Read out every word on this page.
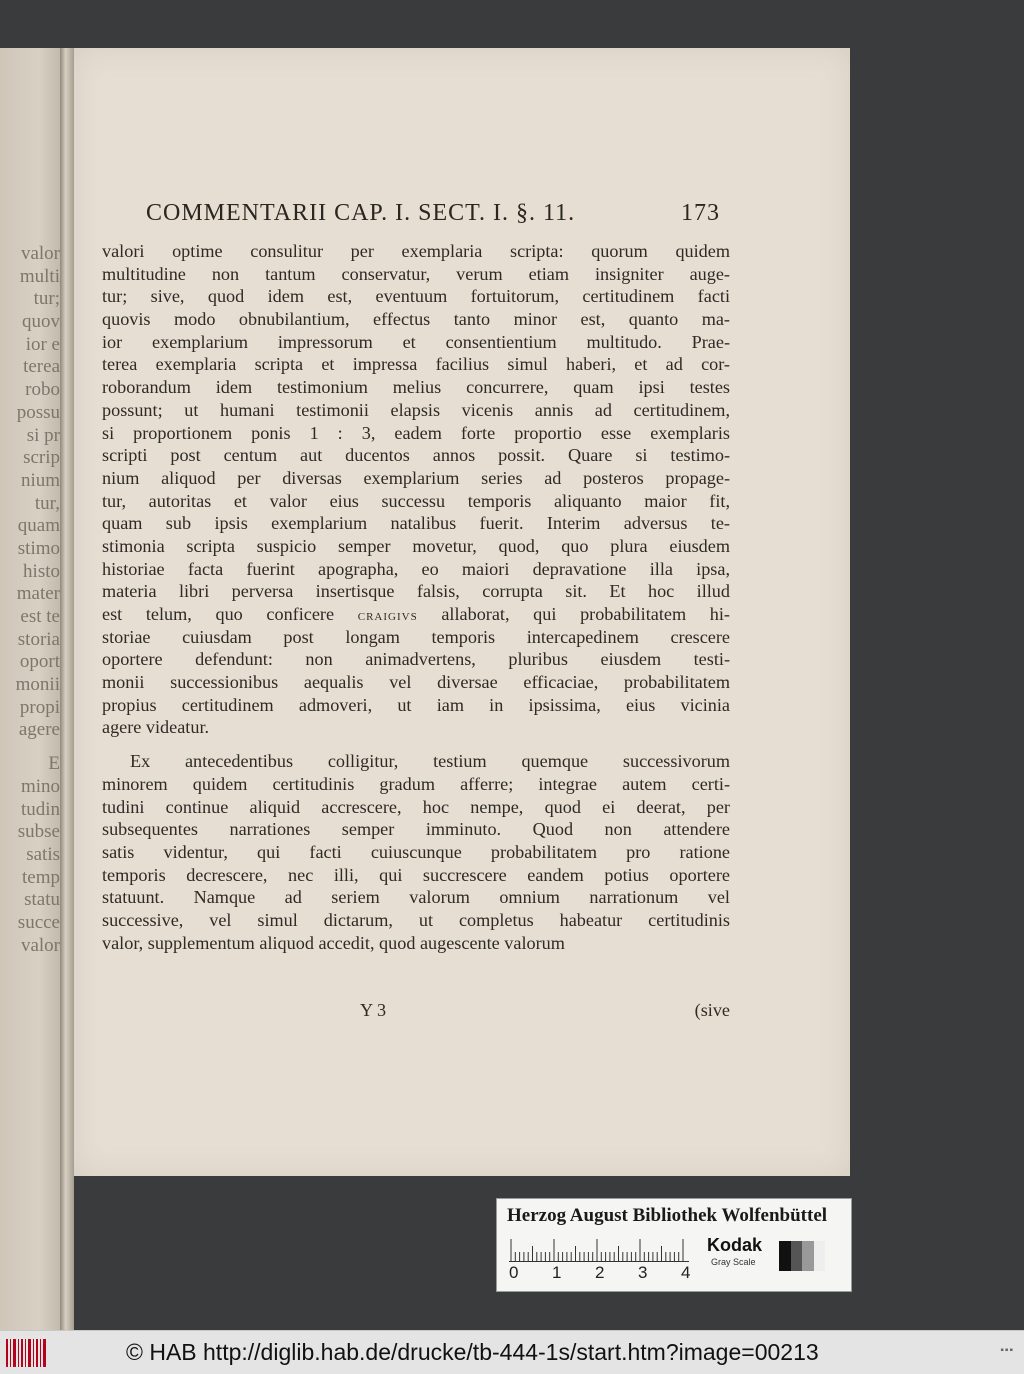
valor
multi
tur;
quov
ior e
terea
robo
possu
si pr
scrip
nium
tur,
quam
stimo
histo
mater
est te
storia
oport
monii
propi
agere
E
mino
tudin
subse
satis
temp
statu
succe
valor
COMMENTARII CAP. I. SECT. I. §. 11.	173
valori optime consulitur per exemplaria scripta: quorum quidem
multitudine non tantum conservatur, verum etiam insigniter auge-
tur; sive, quod idem est, eventuum fortuitorum, certitudinem facti
quovis modo obnubilantium, effectus tanto minor est, quanto ma-
ior exemplarium impressorum et consentientium multitudo. Prae-
terea exemplaria scripta et impressa facilius simul haberi, et ad cor-
roborandum idem testimonium melius concurrere, quam ipsi testes
possunt; ut humani testimonii elapsis vicenis annis ad certitudinem,
si proportionem ponis 1 : 3, eadem forte proportio esse exemplaris
scripti post centum aut ducentos annos possit. Quare si testimo-
nium aliquod per diversas exemplarium series ad posteros propage-
tur, autoritas et valor eius successu temporis aliquanto maior fit,
quam sub ipsis exemplarium natalibus fuerit. Interim adversus te-
stimonia scripta suspicio semper movetur, quod, quo plura eiusdem
historiae facta fuerint apographa, eo maiori depravatione illa ipsa,
materia libri perversa insertisque falsis, corrupta sit. Et hoc illud
est telum, quo conficere craigivs allaborat, qui probabilitatem hi-
storiae cuiusdam post longam temporis intercapedinem crescere
oportere defendunt: non animadvertens, pluribus eiusdem testi-
monii successionibus aequalis vel diversae efficaciae, probabilitatem
propius certitudinem admoveri, ut iam in ipsissima, eius vicinia
agere videatur.
Ex antecedentibus colligitur, testium quemque successivorum
minorem quidem certitudinis gradum afferre; integrae autem certi-
tudini continue aliquid accrescere, hoc nempe, quod ei deerat, per
subsequentes narrationes semper imminuto. Quod non attendere
satis videntur, qui facti cuiuscunque probabilitatem pro ratione
temporis decrescere, nec illi, qui succrescere eandem potius oportere
statuunt. Namque ad seriem valorum omnium narrationum vel
successive, vel simul dictarum, ut completus habeatur certitudinis
valor, supplementum aliquod accedit, quod augescente valorum
Y 3	(sive
Herzog August Bibliothek Wolfenbüttel
0 1 2 3 4
Kodak
Gray Scale
© HAB http://diglib.hab.de/drucke/tb-444-1s/start.htm?image=00213	▪▪▪
